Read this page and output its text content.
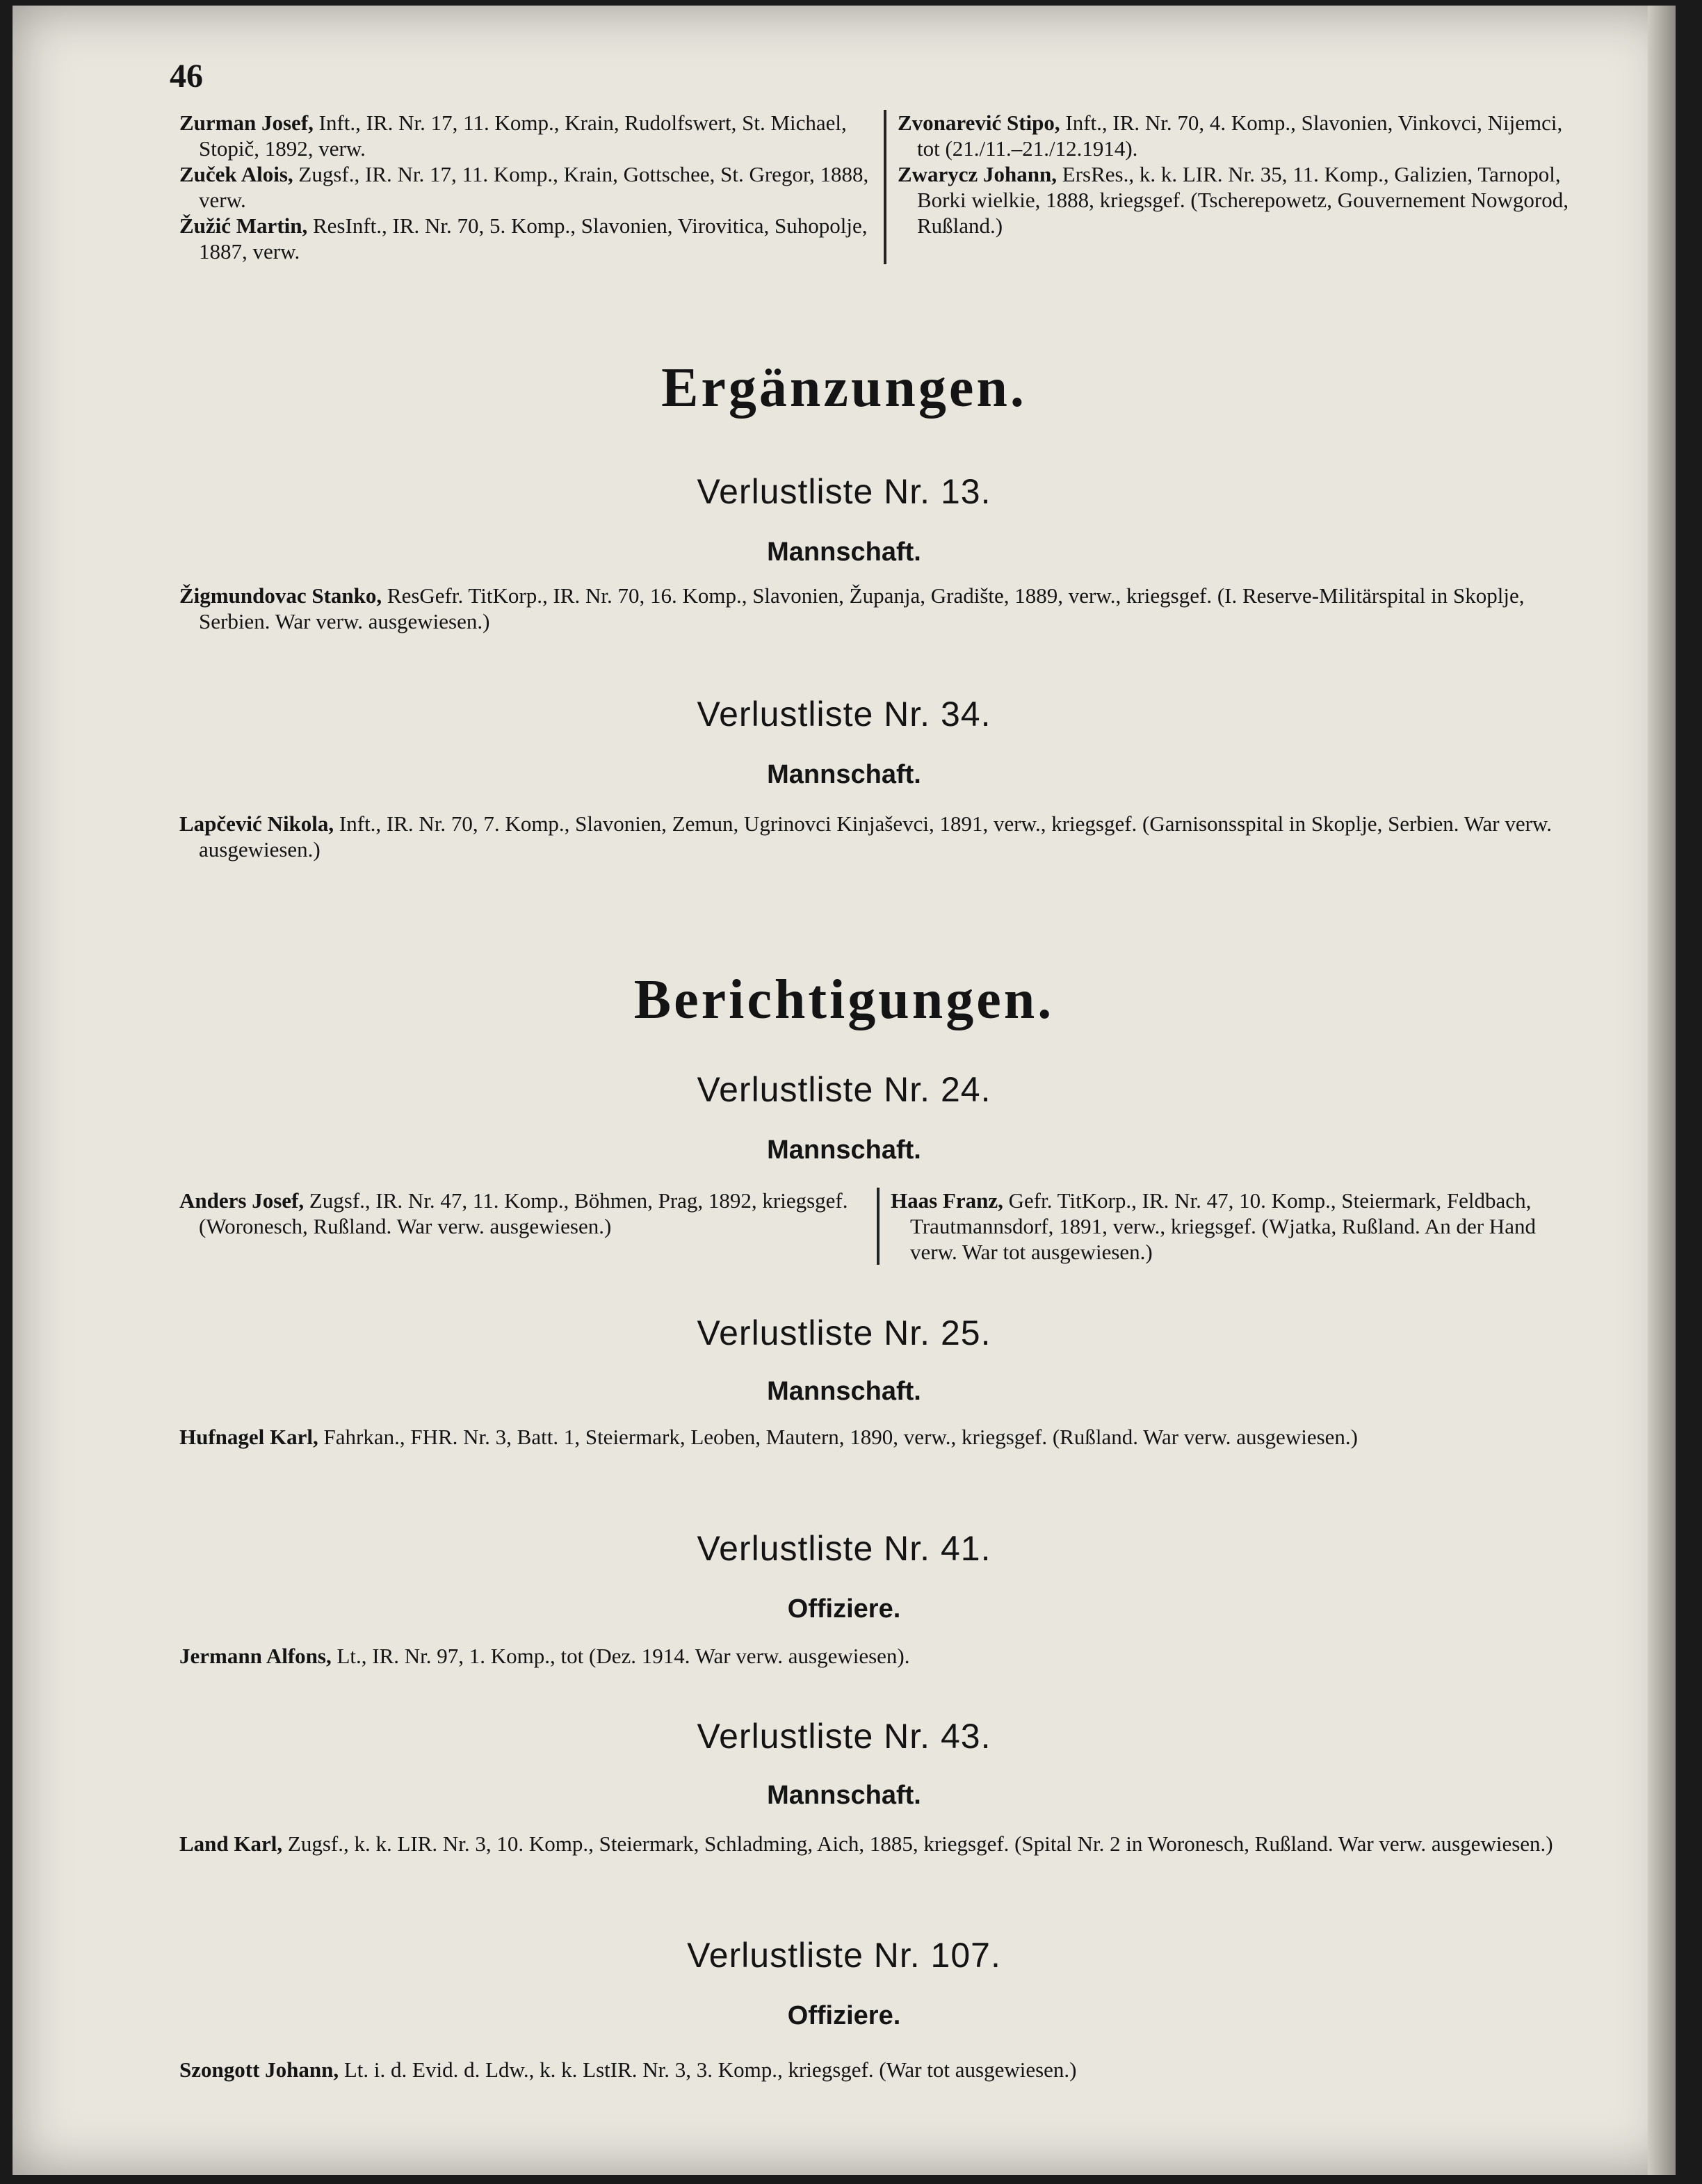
46

Zurman Josef, Inft., IR. Nr. 17, 11. Komp., Krain, Rudolfswert, St. Michael, Stopič, 1892, verw.

Zuček Alois, Zugsf., IR. Nr. 17, 11. Komp., Krain, Gottschee, St. Gregor, 1888, verw.

Žužić Martin, ResInft., IR. Nr. 70, 5. Komp., Slavonien, Virovitica, Suhopolje, 1887, verw.

Zvonarević Stipo, Inft., IR. Nr. 70, 4. Komp., Slavonien, Vinkovci, Nijemci, tot (21./11.–21./12.1914).

Zwarycz Johann, ErsRes., k. k. LIR. Nr. 35, 11. Komp., Galizien, Tarnopol, Borki wielkie, 1888, kriegsgef. (Tscherepowetz, Gouvernement Nowgorod, Rußland.)

Ergänzungen.
Verlustliste Nr. 13.
Mannschaft.
Žigmundovac Stanko, ResGefr. TitKorp., IR. Nr. 70, 16. Komp., Slavonien, Županja, Gradište, 1889, verw., kriegsgef. (I. Reserve-Militärspital in Skoplje, Serbien. War verw. ausgewiesen.)
Verlustliste Nr. 34.
Mannschaft.
Lapčević Nikola, Inft., IR. Nr. 70, 7. Komp., Slavonien, Zemun, Ugrinovci Kinjaševci, 1891, verw., kriegsgef. (Garnisonsspital in Skoplje, Serbien. War verw. ausgewiesen.)
Berichtigungen.
Verlustliste Nr. 24.
Mannschaft.

Anders Josef, Zugsf., IR. Nr. 47, 11. Komp., Böhmen, Prag, 1892, kriegsgef. (Woronesch, Rußland. War verw. ausgewiesen.)

Haas Franz, Gefr. TitKorp., IR. Nr. 47, 10. Komp., Steiermark, Feldbach, Trautmannsdorf, 1891, verw., kriegsgef. (Wjatka, Rußland. An der Hand verw. War tot ausgewiesen.)

Verlustliste Nr. 25.
Mannschaft.
Hufnagel Karl, Fahrkan., FHR. Nr. 3, Batt. 1, Steiermark, Leoben, Mautern, 1890, verw., kriegsgef. (Rußland. War verw. ausgewiesen.)
Verlustliste Nr. 41.
Offiziere.
Jermann Alfons, Lt., IR. Nr. 97, 1. Komp., tot (Dez. 1914. War verw. ausgewiesen).
Verlustliste Nr. 43.
Mannschaft.
Land Karl, Zugsf., k. k. LIR. Nr. 3, 10. Komp., Steiermark, Schladming, Aich, 1885, kriegsgef. (Spital Nr. 2 in Woronesch, Rußland. War verw. ausgewiesen.)
Verlustliste Nr. 107.
Offiziere.
Szongott Johann, Lt. i. d. Evid. d. Ldw., k. k. LstIR. Nr. 3, 3. Komp., kriegsgef. (War tot ausgewiesen.)
